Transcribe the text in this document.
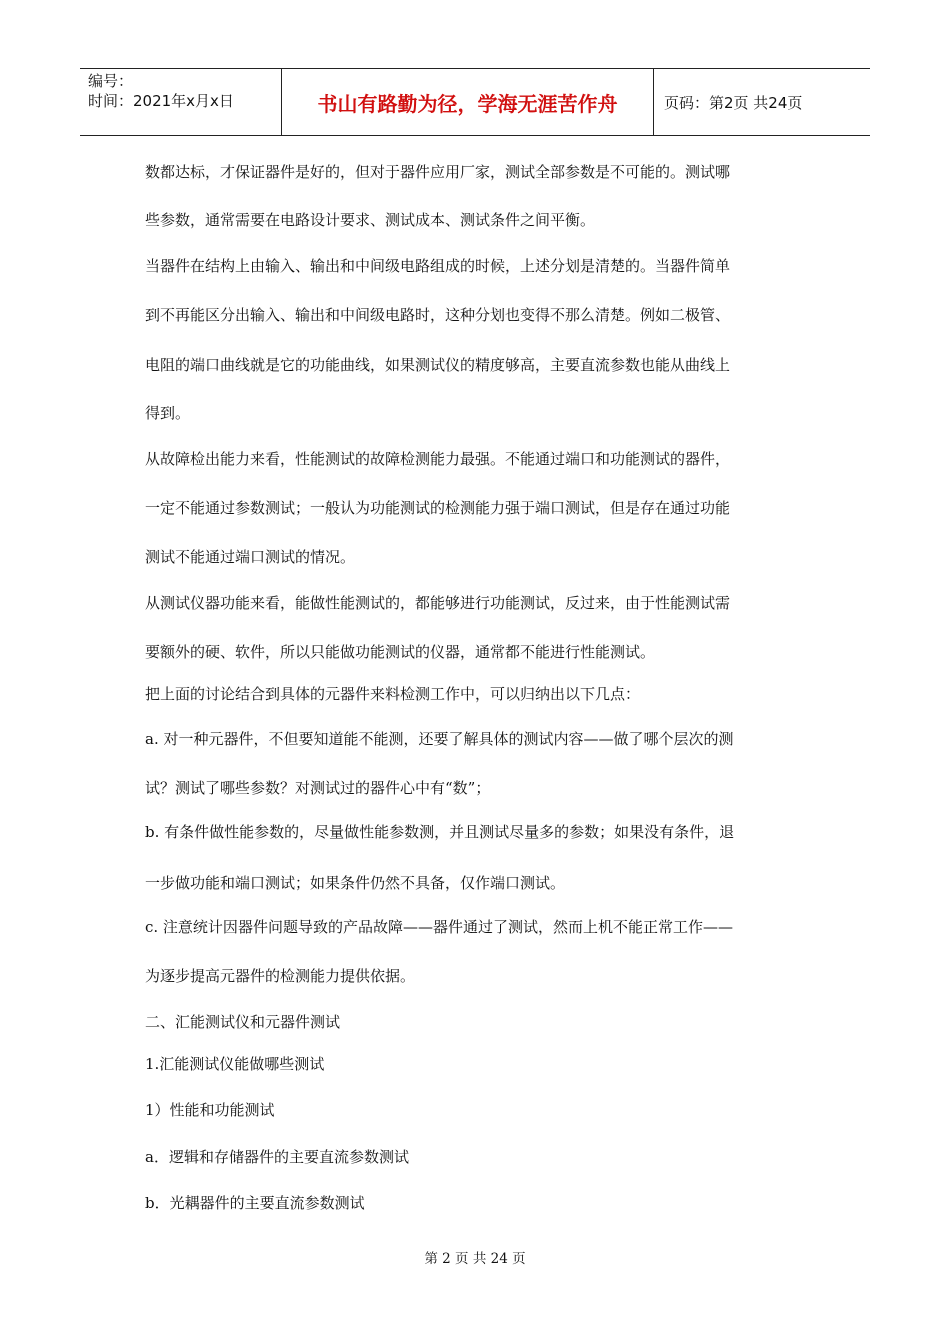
编号：
时间：2021年x月x日	书山有路勤为径，学海无涯苦作舟	页码：第2页 共24页
数都达标，才保证器件是好的，但对于器件应用厂家，测试全部参数是不可能的。测试哪
些参数，通常需要在电路设计要求、测试成本、测试条件之间平衡。
当器件在结构上由输入、输出和中间级电路组成的时候，上述分划是清楚的。当器件简单
到不再能区分出输入、输出和中间级电路时，这种分划也变得不那么清楚。例如二极管、
电阻的端口曲线就是它的功能曲线，如果测试仪的精度够高，主要直流参数也能从曲线上
得到。
从故障检出能力来看，性能测试的故障检测能力最强。不能通过端口和功能测试的器件，
一定不能通过参数测试；一般认为功能测试的检测能力强于端口测试，但是存在通过功能
测试不能通过端口测试的情况。
从测试仪器功能来看，能做性能测试的，都能够进行功能测试，反过来，由于性能测试需
要额外的硬、软件，所以只能做功能测试的仪器，通常都不能进行性能测试。
把上面的讨论结合到具体的元器件来料检测工作中，可以归纳出以下几点：
a. 对一种元器件，不但要知道能不能测，还要了解具体的测试内容——做了哪个层次的测
试？测试了哪些参数？对测试过的器件心中有“数”；
b. 有条件做性能参数的，尽量做性能参数测，并且测试尽量多的参数；如果没有条件，退
一步做功能和端口测试；如果条件仍然不具备，仅作端口测试。
c. 注意统计因器件问题导致的产品故障——器件通过了测试，然而上机不能正常工作——
为逐步提高元器件的检测能力提供依据。
二、汇能测试仪和元器件测试
1.汇能测试仪能做哪些测试
1）性能和功能测试
a．逻辑和存储器件的主要直流参数测试
b．光耦器件的主要直流参数测试
第 2 页 共 24 页
